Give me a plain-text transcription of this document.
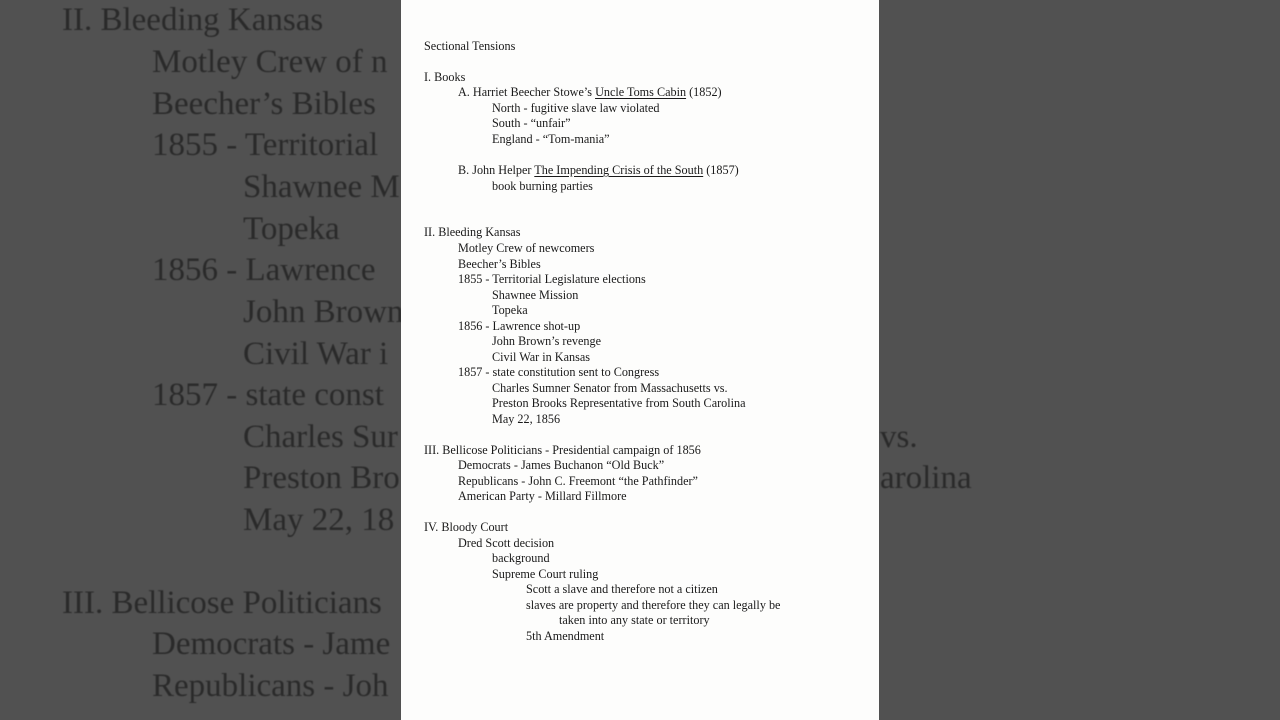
Sectional Tensions
I. Books
A. Harriet Beecher Stowe’s Uncle Toms Cabin (1852)
North - fugitive slave law violated
South - “unfair”
England - “Tom-mania”
B. John Helper The Impending Crisis of the South (1857)
book burning parties
II. Bleeding Kansas
Motley Crew of newcomers
Beecher’s Bibles
1855 - Territorial Legislature elections
Shawnee Mission
Topeka
1856 - Lawrence shot-up
John Brown’s revenge
Civil War in Kansas
1857 - state constitution sent to Congress
Charles Sumner Senator from Massachusetts vs.
Preston Brooks Representative from South Carolina
May 22, 1856
III. Bellicose Politicians - Presidential campaign of 1856
Democrats - James Buchanon “Old Buck”
Republicans - John C. Freemont “the Pathfinder”
American Party - Millard Fillmore
IV. Bloody Court
Dred Scott decision
background
Supreme Court ruling
Scott a slave and therefore not a citizen
slaves are property and therefore they can legally be
taken into any state or territory
5th Amendment
